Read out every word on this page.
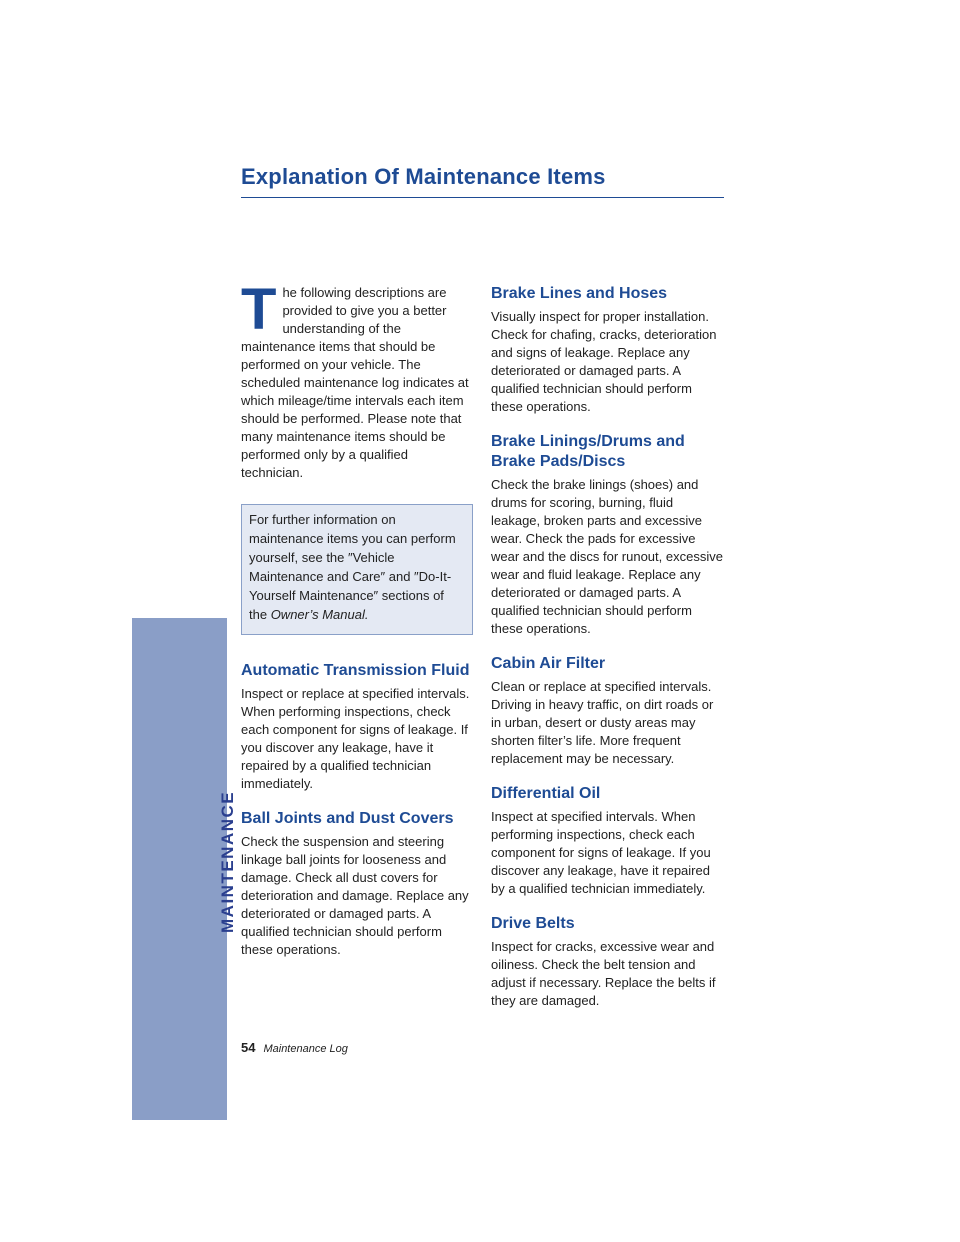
MAINTENANCE
Explanation Of Maintenance Items

The following descriptions are provided to give you a better understanding of the maintenance items that should be performed on your vehicle. The scheduled maintenance log indicates at which mileage/time intervals each item should be performed. Please note that many maintenance items should be performed only by a qualified technician.

For further information on maintenance items you can perform yourself, see the ″Vehicle Maintenance and Care″ and ″Do-It-Yourself Maintenance″ sections of the Owner’s Manual.
Automatic Transmission Fluid

Inspect or replace at specified intervals. When performing inspections, check each component for signs of leakage. If you discover any leakage, have it repaired by a qualified technician immediately.

Ball Joints and Dust Covers

Check the suspension and steering linkage ball joints for looseness and damage. Check all dust covers for deterioration and damage. Replace any deteriorated or damaged parts. A qualified technician should perform these operations.

Brake Lines and Hoses

Visually inspect for proper installation. Check for chafing, cracks, deterioration and signs of leakage. Replace any deteriorated or damaged parts. A qualified technician should perform these operations.

Brake Linings/Drums and Brake Pads/Discs

Check the brake linings (shoes) and drums for scoring, burning, fluid leakage, broken parts and excessive wear. Check the pads for excessive wear and the discs for runout, excessive wear and fluid leakage. Replace any deteriorated or damaged parts. A qualified technician should perform these operations.

Cabin Air Filter

Clean or replace at specified intervals. Driving in heavy traffic, on dirt roads or in urban, desert or dusty areas may shorten filter’s life. More frequent replacement may be necessary.

Differential Oil

Inspect at specified intervals. When performing inspections, check each component for signs of leakage. If you discover any leakage, have it repaired by a qualified technician immediately.

Drive Belts

Inspect for cracks, excessive wear and oiliness. Check the belt tension and adjust if necessary. Replace the belts if they are damaged.

54 Maintenance Log
